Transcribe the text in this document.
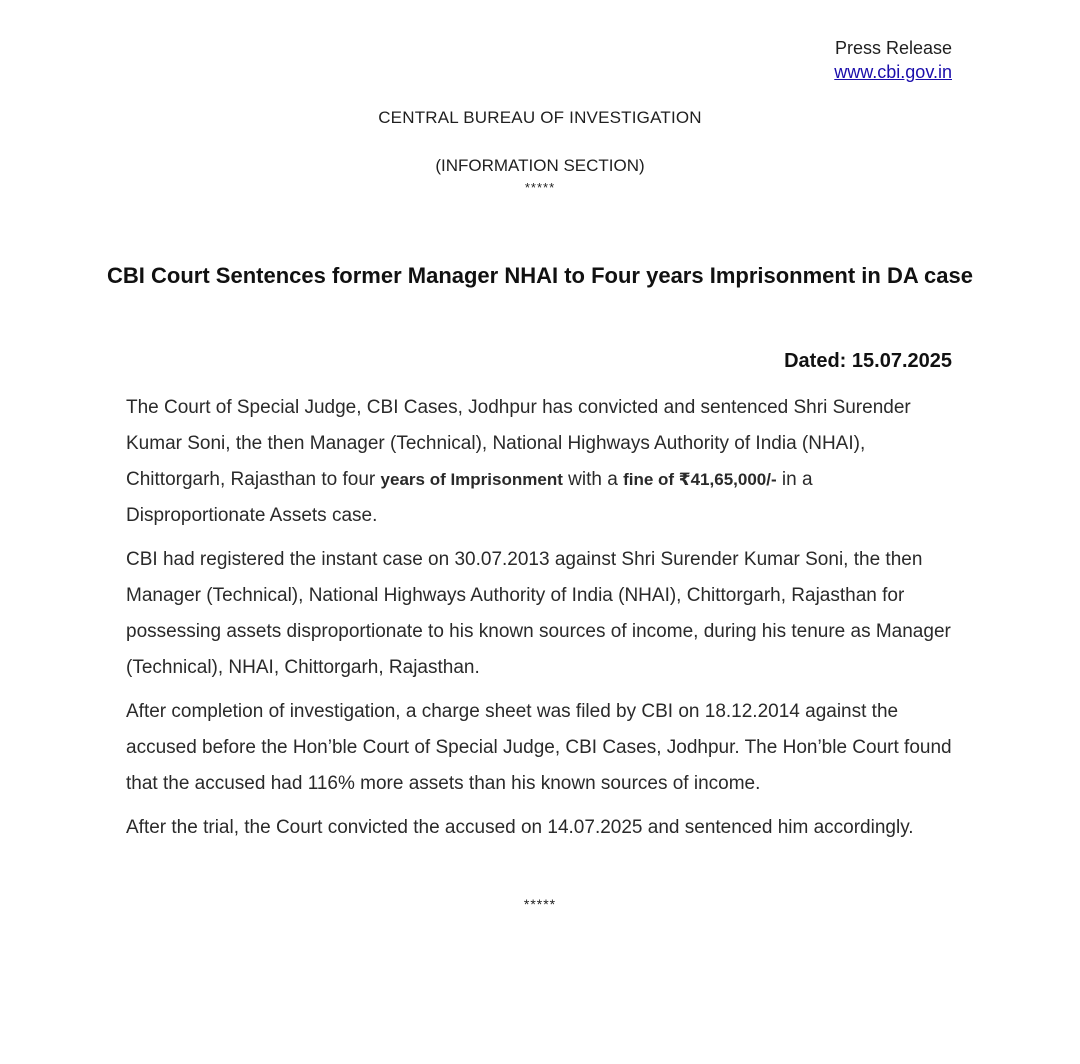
Press Release
www.cbi.gov.in
CENTRAL BUREAU OF INVESTIGATION
(INFORMATION SECTION)
*****
CBI Court Sentences former Manager NHAI to Four years Imprisonment in DA case
Dated: 15.07.2025

The Court of Special Judge, CBI Cases, Jodhpur has convicted and sentenced Shri Surender Kumar Soni, the then Manager (Technical), National Highways Authority of India (NHAI), Chittorgarh, Rajasthan to four years of Imprisonment with a fine of ₹41,65,000/- in a Disproportionate Assets case.

CBI had registered the instant case on 30.07.2013 against Shri Surender Kumar Soni, the then Manager (Technical), National Highways Authority of India (NHAI), Chittorgarh, Rajasthan for possessing assets disproportionate to his known sources of income, during his tenure as Manager (Technical), NHAI, Chittorgarh, Rajasthan.

After completion of investigation, a charge sheet was filed by CBI on 18.12.2014 against the accused before the Hon’ble Court of Special Judge, CBI Cases, Jodhpur. The Hon’ble Court found that the accused had 116% more assets than his known sources of income.

After the trial, the Court convicted the accused on 14.07.2025 and sentenced him accordingly.

*****
